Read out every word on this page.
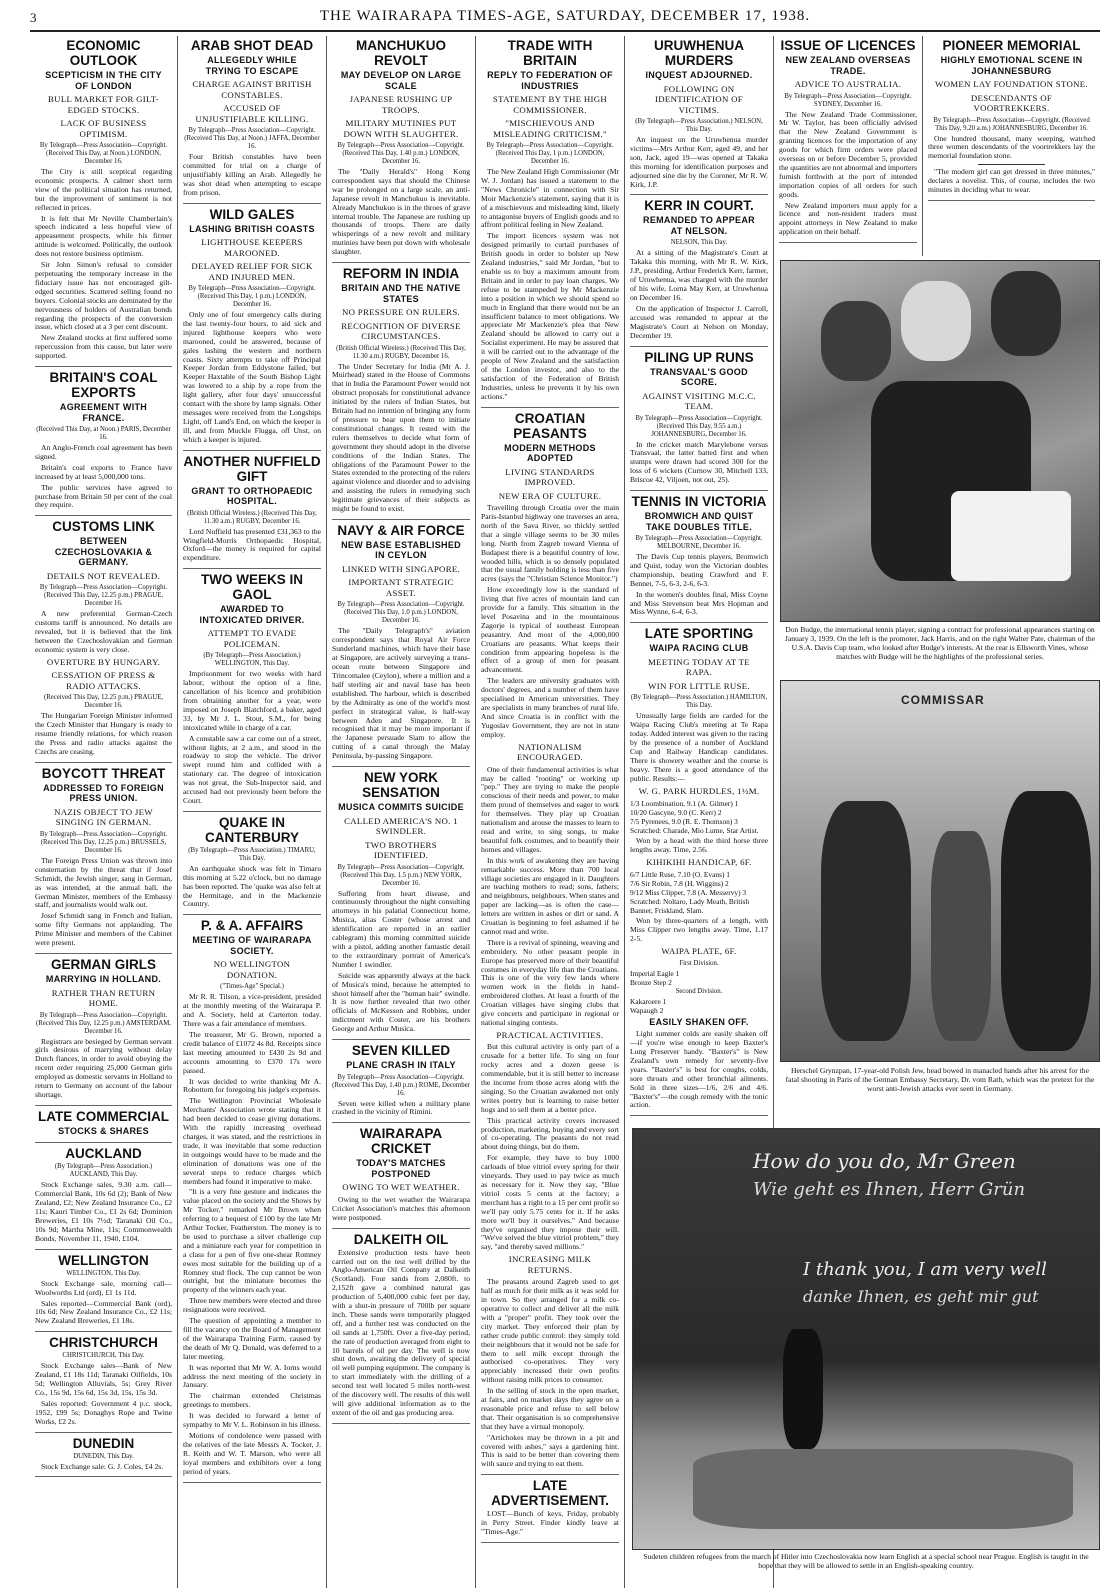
3	THE WAIRARAPA TIMES-AGE, SATURDAY, DECEMBER 17, 1938.
ECONOMIC OUTLOOK
SCEPTICISM IN THE CITY OF LONDON
BULL MARKET FOR GILT-EDGED STOCKS.
LACK OF BUSINESS OPTIMISM.
By Telegraph—Press Association—Copyright. (Received This Day, at Noon.) LONDON, December 16.

The City is still sceptical regarding economic prospects. A calmer short term view of the political situation has returned, but the improvement of sentiment is not reflected in prices.

It is felt that Mr Neville Chamberlain's speech indicated a less hopeful view of appeasement prospects, while his firmer attitude is welcomed. Politically, the outlook does not restore business optimism.

Sir John Simon's refusal to consider perpetuating the temporary increase in the fiduciary issue has not encouraged gilt-edged securities. Scattered selling found no buyers. Colonial stocks are dominated by the nervousness of holders of Australian bonds regarding the prospects of the conversion issue, which closed at a 3 per cent discount.

New Zealand stocks at first suffered some repercussion from this cause, but later were supported.

BRITAIN'S COAL EXPORTS
AGREEMENT WITH FRANCE.
(Received This Day, at Noon.) PARIS, December 16.

An Anglo-French coal agreement has been signed.

Britain's coal exports to France have increased by at least 5,000,000 tons.

The public services have agreed to purchase from Britain 50 per cent of the coal they require.

CUSTOMS LINK
BETWEEN CZECHOSLOVAKIA & GERMANY.
DETAILS NOT REVEALED.
By Telegraph—Press Association—Copyright. (Received This Day, 12.25 p.m.) PRAGUE, December 16.

A new preferential German-Czech customs tariff is announced. No details are revealed, but it is believed that the link between the Czechoslovakian and German economic system is very close.

OVERTURE BY HUNGARY.
CESSATION OF PRESS & RADIO ATTACKS.
(Received This Day, 12.25 p.m.) PRAGUE, December 16.

The Hungarian Foreign Minister informed the Czech Minister that Hungary is ready to resume friendly relations, for which reason the Press and radio attacks against the Czechs are ceasing.

BOYCOTT THREAT
ADDRESSED TO FOREIGN PRESS UNION.
NAZIS OBJECT TO JEW SINGING IN GERMAN.
By Telegraph—Press Association—Copyright. (Received This Day, 12.25 p.m.) BRUSSELS, December 16.

The Foreign Press Union was thrown into consternation by the threat that if Josef Schmidt, the Jewish singer, sang in German, as was intended, at the annual ball, the German Minister, members of the Embassy staff, and journalists would walk out.

Josef Schmidt sang in French and Italian, some fifty Germans not applauding. The Prime Minister and members of the Cabinet were present.

GERMAN GIRLS
MARRYING IN HOLLAND.
RATHER THAN RETURN HOME.
By Telegraph—Press Association—Copyright. (Received This Day, 12.25 p.m.) AMSTERDAM, December 16.

Registrars are besieged by German servant girls desirous of marrying without delay Dutch fiances, in order to avoid obeying the recent order requiring 25,000 German girls employed as domestic servants in Holland to return to Germany on account of the labour shortage.

LATE COMMERCIAL
STOCKS & SHARES
AUCKLAND
(By Telegraph—Press Association.) AUCKLAND, This Day.

Stock Exchange sales, 9.30 a.m. call—Commercial Bank, 10s 6d (2); Bank of New Zealand, £2; New Zealand Insurance Co., £2 11s; Kauri Timber Co., £1 2s 6d; Dominion Breweries, £1 10s 7½d; Taranaki Oil Co., 10s 9d; Martha Mine, 11s; Commonwealth Bonds, November 11, 1940, £104.

WELLINGTON
WELLINGTON, This Day.

Stock Exchange sale, morning call—Woolworths Ltd (ord), £1 1s 11d.

Sales reported—Commercial Bank (ord), 10s 6d; New Zealand Insurance Co., £2 11s; New Zealand Breweries, £1 18s.

CHRISTCHURCH
CHRISTCHURCH, This Day.

Stock Exchange sales—Bank of New Zealand, £1 18s 11d; Taranaki Oilfields, 10s 5d; Wellington Alluvials, 5s; Grey River Co., 15s 9d, 15s 6d, 15s 3d, 15s, 15s 3d.

Sales reported: Government 4 p.c. stock, 1952, £99 5s; Donaghys Rope and Twine Works, £2 2s.

DUNEDIN
DUNEDIN, This Day.

Stock Exchange sale: G. J. Coles, £4 2s.

ARAB SHOT DEAD
ALLEGEDLY WHILE TRYING TO ESCAPE
CHARGE AGAINST BRITISH CONSTABLES.
ACCUSED OF UNJUSTIFIABLE KILLING.
By Telegraph—Press Association—Copyright. (Received This Day, at Noon.) JAFFA, December 16.

Four British constables have been committed for trial on a charge of unjustifiably killing an Arab. Allegedly he was shot dead when attempting to escape from prison.

WILD GALES
LASHING BRITISH COASTS
LIGHTHOUSE KEEPERS MAROONED.
DELAYED RELIEF FOR SICK AND INJURED MEN.
By Telegraph—Press Association—Copyright. (Received This Day, 1 p.m.) LONDON, December 16.

Only one of four emergency calls during the last twenty-four hours, to aid sick and injured lighthouse keepers who were marooned, could be answered, because of gales lashing the western and northern coasts. Sixty attempts to take off Principal Keeper Jordan from Eddystone failed, but Keeper Haxtable of the South Bishop Light was lowered to a ship by a rope from the light gallery, after four days' unsuccessful contact with the shore by lamp signals. Other messages were received from the Longships Light, off Land's End, on which the keeper is ill, and from Muckle Flugga, off Unst, on which a keeper is injured.

ANOTHER NUFFIELD GIFT
GRANT TO ORTHOPAEDIC HOSPITAL.
(British Official Wireless.) (Received This Day, 11.30 a.m.) RUGBY, December 16.

Lord Nuffield has presented £31,363 to the Wingfield-Morris Orthopaedic Hospital, Oxford—the money is required for capital expenditure.

TWO WEEKS IN GAOL
AWARDED TO INTOXICATED DRIVER.
ATTEMPT TO EVADE POLICEMAN.
(By Telegraph—Press Association.) WELLINGTON, This Day.

Imprisonment for two weeks with hard labour, without the option of a fine, cancellation of his licence and prohibition from obtaining another for a year, were imposed on Joseph Blatchford, a baker, aged 33, by Mr J. L. Stout, S.M., for being intoxicated while in charge of a car.

A constable saw a car come out of a street, without lights, at 2 a.m., and stood in the roadway to stop the vehicle. The driver swept round him and collided with a stationary car. The degree of intoxication was not great, the Sub-Inspector said, and accused had not previously been before the Court.

QUAKE IN CANTERBURY
(By Telegraph—Press Association.) TIMARU, This Day.

An earthquake shock was felt in Timaru this morning at 5.22 o'clock, but no damage has been reported. The 'quake was also felt at the Hermitage, and in the Mackenzie Country.

P. & A. AFFAIRS
MEETING OF WAIRARAPA SOCIETY.
NO WELLINGTON DONATION.
("Times-Age" Special.)

Mr R. R. Tilson, a vice-president, presided at the monthly meeting of the Wairarapa P. and A. Society, held at Carterton today. There was a fair attendance of members.

The treasurer, Mr G. Brown, reported a credit balance of £1072 4s 8d. Receipts since last meeting amounted to £430 2s 9d and accounts amounting to £370 17s were passed.

It was decided to write thanking Mr A. Robottom for foregoing his judge's expenses.

The Wellington Provincial Wholesale Merchants' Association wrote stating that it had been decided to cease giving donations. With the rapidly increasing overhead charges, it was stated, and the restrictions in trade, it was inevitable that some reduction in outgoings would have to be made and the elimination of donations was one of the several steps to reduce charges which members had found it imperative to make.

"It is a very fine gesture and indicates the value placed on the society and the Shows by Mr Tocker," remarked Mr Brown when referring to a bequest of £100 by the late Mr Arthur Tocker, Featherston. The money is to be used to purchase a silver challenge cup and a miniature each year for competition in a class for a pen of five one-shear Romney ewes most suitable for the building up of a Romney stud flock. The cup cannot be won outright, but the miniature becomes the property of the winners each year.

Three new members were elected and three resignations were received.

The question of appointing a member to fill the vacancy on the Board of Management of the Wairarapa Training Farm, caused by the death of Mr Q. Donald, was deferred to a later meeting.

It was reported that Mr W. A. Iorns would address the next meeting of the society in January.

The chairman extended Christmas greetings to members.

It was decided to forward a letter of sympathy to Mr V. L. Robinson in his illness.

Motions of condolence were passed with the relatives of the late Messrs A. Tocker, J. R. Keith and W. T. Marson, who were all loyal members and exhibitors over a long period of years.

MANCHUKUO REVOLT
MAY DEVELOP ON LARGE SCALE
JAPANESE RUSHING UP TROOPS.
MILITARY MUTINIES PUT DOWN WITH SLAUGHTER.
By Telegraph—Press Association—Copyright. (Received This Day, 1.40 p.m.) LONDON, December 16.

The "Daily Herald's" Hong Kong correspondent says that should the Chinese war be prolonged on a large scale, an anti-Japanese revolt in Manchukuo is inevitable. Already Manchukuo is in the throes of grave internal trouble. The Japanese are rushing up thousands of troops. There are daily whisperings of a new revolt and military mutinies have been put down with wholesale slaughter.

REFORM IN INDIA
BRITAIN AND THE NATIVE STATES
NO PRESSURE ON RULERS.
RECOGNITION OF DIVERSE CIRCUMSTANCES.
(British Official Wireless.) (Received This Day, 11.30 a.m.) RUGBY, December 16.

The Under Secretary for India (Mr A. J. Muirhead) stated in the House of Commons that in India the Paramount Power would not obstruct proposals for constitutional advance initiated by the rulers of Indian States, but Britain had no intention of bringing any form of pressure to bear upon them to initiate constitutional changes. It rested with the rulers themselves to decide what form of government they should adopt in the diverse conditions of the Indian States. The obligations of the Paramount Power to the States extended to the protecting of the rulers against violence and disorder and to advising and assisting the rulers in remedying such legitimate grievances of their subjects as might be found to exist.

NAVY & AIR FORCE
NEW BASE ESTABLISHED IN CEYLON
LINKED WITH SINGAPORE.
IMPORTANT STRATEGIC ASSET.
By Telegraph—Press Association—Copyright. (Received This Day, 1.0 p.m.) LONDON, December 16.

The "Daily Telegraph's" aviation correspondent says that Royal Air Force Sunderland machines, which have their base at Singapore, are actively surveying a trans-ocean route between Singapore and Trincomalee (Ceylon), where a million and a half sterling air and naval base has been established. The harbour, which is described by the Admiralty as one of the world's most perfect in strategical value, is half-way between Aden and Singapore. It is recognised that it may be more important if the Japanese persuade Siam to allow the cutting of a canal through the Malay Peninsula, by-passing Singapore.

NEW YORK SENSATION
MUSICA COMMITS SUICIDE
CALLED AMERICA'S NO. 1 SWINDLER.
TWO BROTHERS IDENTIFIED.
By Telegraph—Press Association—Copyright. (Received This Day, 1.5 p.m.) NEW YORK, December 16.

Suffering from heart disease, and continuously throughout the night consulting attorneys in his palatial Connecticut home, Musica, alias Coster (whose arrest and identification are reported in an earlier cablegram) this morning committed suicide with a pistol, adding another fantastic detail to the extraordinary portrait of America's Number 1 swindler.

Suicide was apparently always at the back of Musica's mind, because he attempted to shoot himself after the "human hair" swindle. It is now further revealed that two other officials of McKesson and Robbins, under indictment with Coster, are his brothers George and Arthur Musica.

SEVEN KILLED
PLANE CRASH IN ITALY
By Telegraph—Press Association—Copyright. (Received This Day, 1.40 p.m.) ROME, December 16.

Seven were killed when a military plane crashed in the vicinity of Rimini.

WAIRARAPA CRICKET
TODAY'S MATCHES POSTPONED
OWING TO WET WEATHER.

Owing to the wet weather the Wairarapa Cricket Association's matches this afternoon were postponed.

DALKEITH OIL

Extensive production tests have been carried out on the test well drilled by the Anglo-American Oil Company at Dalkeith (Scotland). Four sands from 2,080ft. to 2,152ft gave a combined natural gas production of 5,400,000 cubic feet per day, with a shut-in pressure of 700lb per square inch. These sands were temporarily plugged off, and a further test was conducted on the oil sands at 1,750ft. Over a five-day period, the rate of production averaged from eight to 10 barrels of oil per day. The well is now shut down, awaiting the delivery of special oil well pumping equipment. The company is to start immediately with the drilling of a second test well located 5 miles north-west of the discovery well. The results of this well will give additional information as to the extent of the oil and gas producing area.

TRADE WITH BRITAIN
REPLY TO FEDERATION OF INDUSTRIES
STATEMENT BY THE HIGH COMMISSIONER.
"MISCHIEVOUS AND MISLEADING CRITICISM."
By Telegraph—Press Association—Copyright. (Received This Day, 1 p.m.) LONDON, December 16.

The New Zealand High Commissioner (Mr W. J. Jordan) has issued a statement to the "News Chronicle" in connection with Sir Moir Mackenzie's statement, saying that it is of a mischievous and misleading kind, likely to antagonise buyers of English goods and to affront political feeling in New Zealand.

The import licences system was not designed primarily to curtail purchases of British goods in order to bolster up New Zealand industries," said Mr Jordan, "but to enable us to buy a maximum amount from Britain and in order to pay loan charges. We refuse to be stampeded by Mr Mackenzie into a position in which we should spend so much in England that there would not be an insufficient balance to meet obligations. We appreciate Mr Mackenzie's plea that New Zealand should be allowed to carry out a Socialist experiment. He may be assured that it will be carried out to the advantage of the people of New Zealand and the satisfaction of the London investor, and also to the satisfaction of the Federation of British Industries, unless he prevents it by his own actions."

CROATIAN PEASANTS
MODERN METHODS ADOPTED
LIVING STANDARDS IMPROVED.
NEW ERA OF CULTURE.

Travelling through Croatia over the main Paris-Istanbul highway one traverses an area, north of the Sava River, so thickly settled that a single village seems to be 30 miles long. North from Zagreb toward Vienna of Budapest there is a beautiful country of low, wooded hills, which is so densely populated that the usual family holding is less than five acres (says the "Christian Science Monitor.")

How exceedingly low is the standard of living that five acres of mountain land can provide for a family. This situation in the level Posavina and in the mountainous Zagorje is typical of southeast European peasantry. And most of the 4,000,000 Croatians are peasants. What keeps their condition from appearing hopeless is the effect of a group of men for peasant advancement.

The leaders are university graduates with doctors' degrees, and a number of them have specialised in American universities. They are specialists in many branches of rural life. And since Croatia is in conflict with the Yugoslav Government, they are not in state employ.

NATIONALISM ENCOURAGED.

One of their fundamental activities is what may be called "rooting" or working up "pep." They are trying to make the people conscious of their needs and power, to make them proud of themselves and eager to work for themselves. They play up Croatian nationalism and arouse the masses to learn to read and write, to sing songs, to make beautiful folk costumes, and to beautify their homes and villages.

In this work of awakening they are having remarkable success. More than 700 local village societies are engaged in it. Daughters are teaching mothers to read; sons, fathers; and neighbours, neighbours. When states and paper are lacking—as is often the case—letters are written in ashes or dirt or sand. A Croatian is beginning to feel ashamed if he cannot read and write.

There is a revival of spinning, weaving and embroidery. No other peasant people in Europe has preserved more of their beautiful costumes in everyday life than the Croatians. This is one of the very few lands where women work in the fields in hand-embroidered clothes. At least a fourth of the Croatian villages have singing clubs that give concerts and participate in regional or national singing contests.

PRACTICAL ACTIVITIES.

But this cultural activity is only part of a crusade for a better life. To sing on four rocky acres and a dozen geese is commendable, but it is still better to increase the income from those acres along with the singing. So the Croatian awakened not only writes poetry but is learning to raise better hogs and to sell them at a better price.

This practical activity covers increased production, marketing, buying and every sort of co-operating. The peasants do not read about doing things, but do them.

For example, they have to buy 1000 carloads of blue vitriol every spring for their vineyards. They used to pay twice as much as necessary for it. Now they say, "Blue vitriol costs 5 cents at the factory; a merchant has a right to a 15 per cent profit so we'll pay only 5.75 cents for it. If he asks more we'll buy it ourselves." And because they've organised they impose their will. "We've solved the blue vitriol problem," they say, "and thereby saved millions."

INCREASING MILK RETURNS.

The peasants around Zagreb used to get half as much for their milk as it was sold for in town. So they arranged for a milk co-operative to collect and deliver all the milk with a "proper" profit. They took over the city market. They enforced their plan by rather crude public control: they simply told their neighbours that it would not be safe for them to sell milk except through the authorised co-operatives. They very appreciably increased their own profits without raising milk prices to consumer.

In the selling of stock in the open market, at fairs, and on market days they agree on a reasonable price and refuse to sell below that. Their organisation is so comprehensive that they have a virtual monopoly.

"Artichokes may be thrown in a pit and covered with ashes," says a gardening hint. This is said to be better than covering them with sauce and trying to eat them.

LATE ADVERTISEMENT.

LOST—Bunch of keys, Friday, probably in Perry Street. Finder kindly leave at "Times-Age."

URUWHENUA MURDERS
INQUEST ADJOURNED.
FOLLOWING ON IDENTIFICATION OF VICTIMS.
(By Telegraph—Press Association.) NELSON, This Day.

An inquest on the Uruwhenua murder victims—Mrs Arthur Kerr, aged 49, and her son, Jack, aged 19—was opened at Takaka this morning for identification purposes and adjourned sine die by the Coroner, Mr R. W. Kirk, J.P.

KERR IN COURT.
REMANDED TO APPEAR AT NELSON.
NELSON, This Day.

At a sitting of the Magistrate's Court at Takaka this morning, with Mr R. W. Kirk, J.P., presiding, Arthur Frederick Kerr, farmer, of Uruwhenua, was charged with the murder of his wife, Lorna May Kerr, at Uruwhenua on December 16.

On the application of Inspector J. Carroll, accused was remanded to appear at the Magistrate's Court at Nelson on Monday, December 19.

PILING UP RUNS
TRANSVAAL'S GOOD SCORE.
AGAINST VISITING M.C.C. TEAM.
By Telegraph—Press Association—Copyright. (Received This Day, 9.55 a.m.) JOHANNESBURG, December 16.

In the cricket match Marylebone versus Transvaal, the latter batted first and when stumps were drawn had scored 300 for the loss of 6 wickets (Curnow 30, Mitchell 133, Briscoe 42, Viljoen, not out, 25).

TENNIS IN VICTORIA
BROMWICH AND QUIST TAKE DOUBLES TITLE.
By Telegraph—Press Association—Copyright. MELBOURNE, December 16.

The Davis Cup tennis players, Bromwich and Quist, today won the Victorian doubles championship, beating Crawford and F. Bennet, 7-5, 6-3, 2-6, 6-3.

In the women's doubles final, Miss Coyne and Miss Stevenson beat Mrs Hopman and Miss Wynne, 6-4, 6-3.

LATE SPORTING
WAIPA RACING CLUB
MEETING TODAY AT TE RAPA.
WIN FOR LITTLE RUSE.
(By Telegraph—Press Association.) HAMILTON, This Day.

Unusually large fields are carded for the Waipa Racing Club's meeting at Te Rapa today. Added interest was given to the racing by the presence of a number of Auckland Cup and Railway Handicap candidates. There is showery weather and the course is heavy. There is a good attendance of the public. Results:—

W. G. PARK HURDLES, 1½M.
1/3 Loombination, 9.1 (A. Gilmer) 1
10/20 Gascyne, 9.0 (C. Kerr) 2
7/5 Pyrenees, 9.0 (R. E. Thomson) 3
Scratched: Charade, Mio Lume, Star Artist.

Won by a head with the third horse three lengths away. Time, 2.56.

KIHIKIHI HANDICAP, 6F.
6/7 Little Ruse, 7.10 (O. Evans) 1
7/6 Sir Robin, 7.8 (H. Wiggins) 2
9/12 Miss Clipper, 7.8 (A. Messervy) 3
Scratched: Noltaro, Lady Meath, British Banner, Friskland, Slam.

Won by three-quarters of a length, with Miss Clipper two lengths away. Time, 1.17 2-5.

WAIPA PLATE, 6F.
First Division.
Imperial Eagle 1
Bronze Step 2
Second Division.
Kakaroere 1
Wapaugh 2
EASILY SHAKEN OFF.

Light summer colds are easily shaken off—if you're wise enough to keep Baxter's Lung Preserver handy. "Baxter's" is New Zealand's own remedy for seventy-five years. "Baxter's" is best for coughs, colds, sore throats and other bronchial ailments. Sold in three sizes—1/6, 2/6 and 4/6. "Baxter's"—the cough remedy with the tonic action.

ISSUE OF LICENCES
NEW ZEALAND OVERSEAS TRADE.
ADVICE TO AUSTRALIA.
By Telegraph—Press Association—Copyright. SYDNEY, December 16.

The New Zealand Trade Commissioner, Mr W. Taylor, has been officially advised that the New Zealand Government is granting licences for the importation of any goods for which firm orders were placed overseas on or before December 5, provided the quantities are not abnormal and importers furnish forthwith at the port of intended importation copies of all orders for such goods.

New Zealand importers must apply for a licence and non-resident traders must appoint attorneys in New Zealand to make application on their behalf.

PIONEER MEMORIAL
HIGHLY EMOTIONAL SCENE IN JOHANNESBURG
WOMEN LAY FOUNDATION STONE.
DESCENDANTS OF VOORTREKKERS.
By Telegraph—Press Association—Copyright. (Received This Day, 9.20 a.m.) JOHANNESBURG, December 16.

One hundred thousand, many weeping, watched three women descendants of the voortrekkers lay the memorial foundation stone.

"The modern girl can get dressed in three minutes," declares a novelist. This, of course, includes the two minutes in deciding what to wear.

Don Budge, the international tennis player, signing a contract for professional appearances starting on January 3, 1939. On the left is the promoter, Jack Harris, and on the right Walter Pate, chairman of the U.S.A. Davis Cup team, who looked after Budge's interests. At the rear is Ellsworth Vines, whose matches with Budge will be the highlights of the professional series.
COMMISSAR
Herschel Grynzpan, 17-year-old Polish Jew, head bowed in manacled hands after his arrest for the fatal shooting in Paris of the German Embassy Secretary, Dr. vom Rath, which was the pretext for the worst anti-Jewish attacks ever seen in Germany.
How do you do, Mr Green
Wie geht es Ihnen, Herr Grün
I thank you, I am very well
danke Ihnen, es geht mir gut
Sudeten children refugees from the march of Hitler into Czechoslovakia now learn English at a special school near Prague. English is taught in the hope that they will be allowed to settle in an English-speaking country.
